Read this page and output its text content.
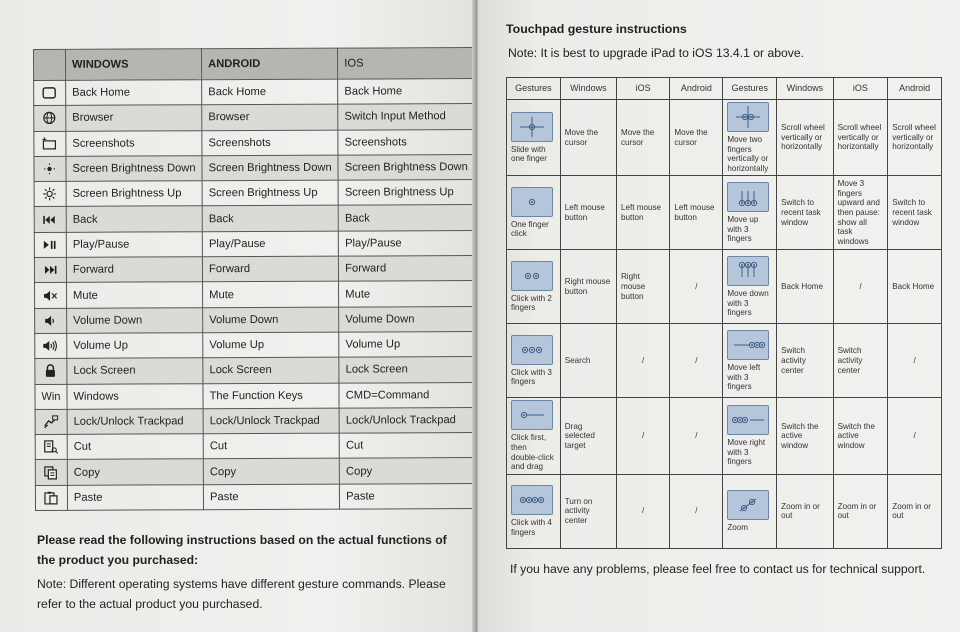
	WINDOWS	ANDROID	IOS
	Back Home	Back Home	Back Home
	Browser	Browser	Switch Input Method
	Screenshots	Screenshots	Screenshots
	Screen Brightness Down	Screen Brightness Down	Screen Brightness Down
	Screen Brightness Up	Screen Brightness Up	Screen Brightness Up
	Back	Back	Back
	Play/Pause	Play/Pause	Play/Pause
	Forward	Forward	Forward
	Mute	Mute	Mute
	Volume Down	Volume Down	Volume Down
	Volume Up	Volume Up	Volume Up
	Lock Screen	Lock Screen	Lock Screen
Win	Windows	The Function Keys	CMD=Command
	Lock/Unlock Trackpad	Lock/Unlock Trackpad	Lock/Unlock Trackpad
	Cut	Cut	Cut
	Copy	Copy	Copy
	Paste	Paste	Paste
Please read the following instructions based on the actual functions of the product you purchased:
Note: Different operating systems have different gesture commands. Please refer to the actual product you purchased.
Touchpad gesture instructions
Note: It is best to upgrade iPad to iOS 13.4.1 or above.
Gestures	Windows	iOS	Android	Gestures	Windows	iOS	Android

Slide with one finger	Move the cursor	Move the cursor	Move the cursor	Move two fingers vertically or horizontally	Scroll wheel vertically or horizontally	Scroll wheel vertically or horizontally	Scroll wheel vertically or horizontally

One finger click	Left mouse button	Left mouse button	Left mouse button	Move up with 3 fingers	Switch to recent task window	Move 3 fingers upward and then pause: show all task windows	Switch to recent task window

Click with 2 fingers	Right mouse button	Right mouse button	/	Move down with 3 fingers	Back Home	/	Back Home

Click with 3 fingers	Search	/	/	Move left with 3 fingers	Switch activity center	Switch activity center	/

Click first, then double-click and drag	Drag selected target	/	/	Move right with 3 fingers	Switch the active window	Switch the active window	/

Click with 4 fingers	Turn on activity center	/	/	Zoom	Zoom in or out	Zoom in or out	Zoom in or out
If you have any problems, please feel free to contact us for technical support.
